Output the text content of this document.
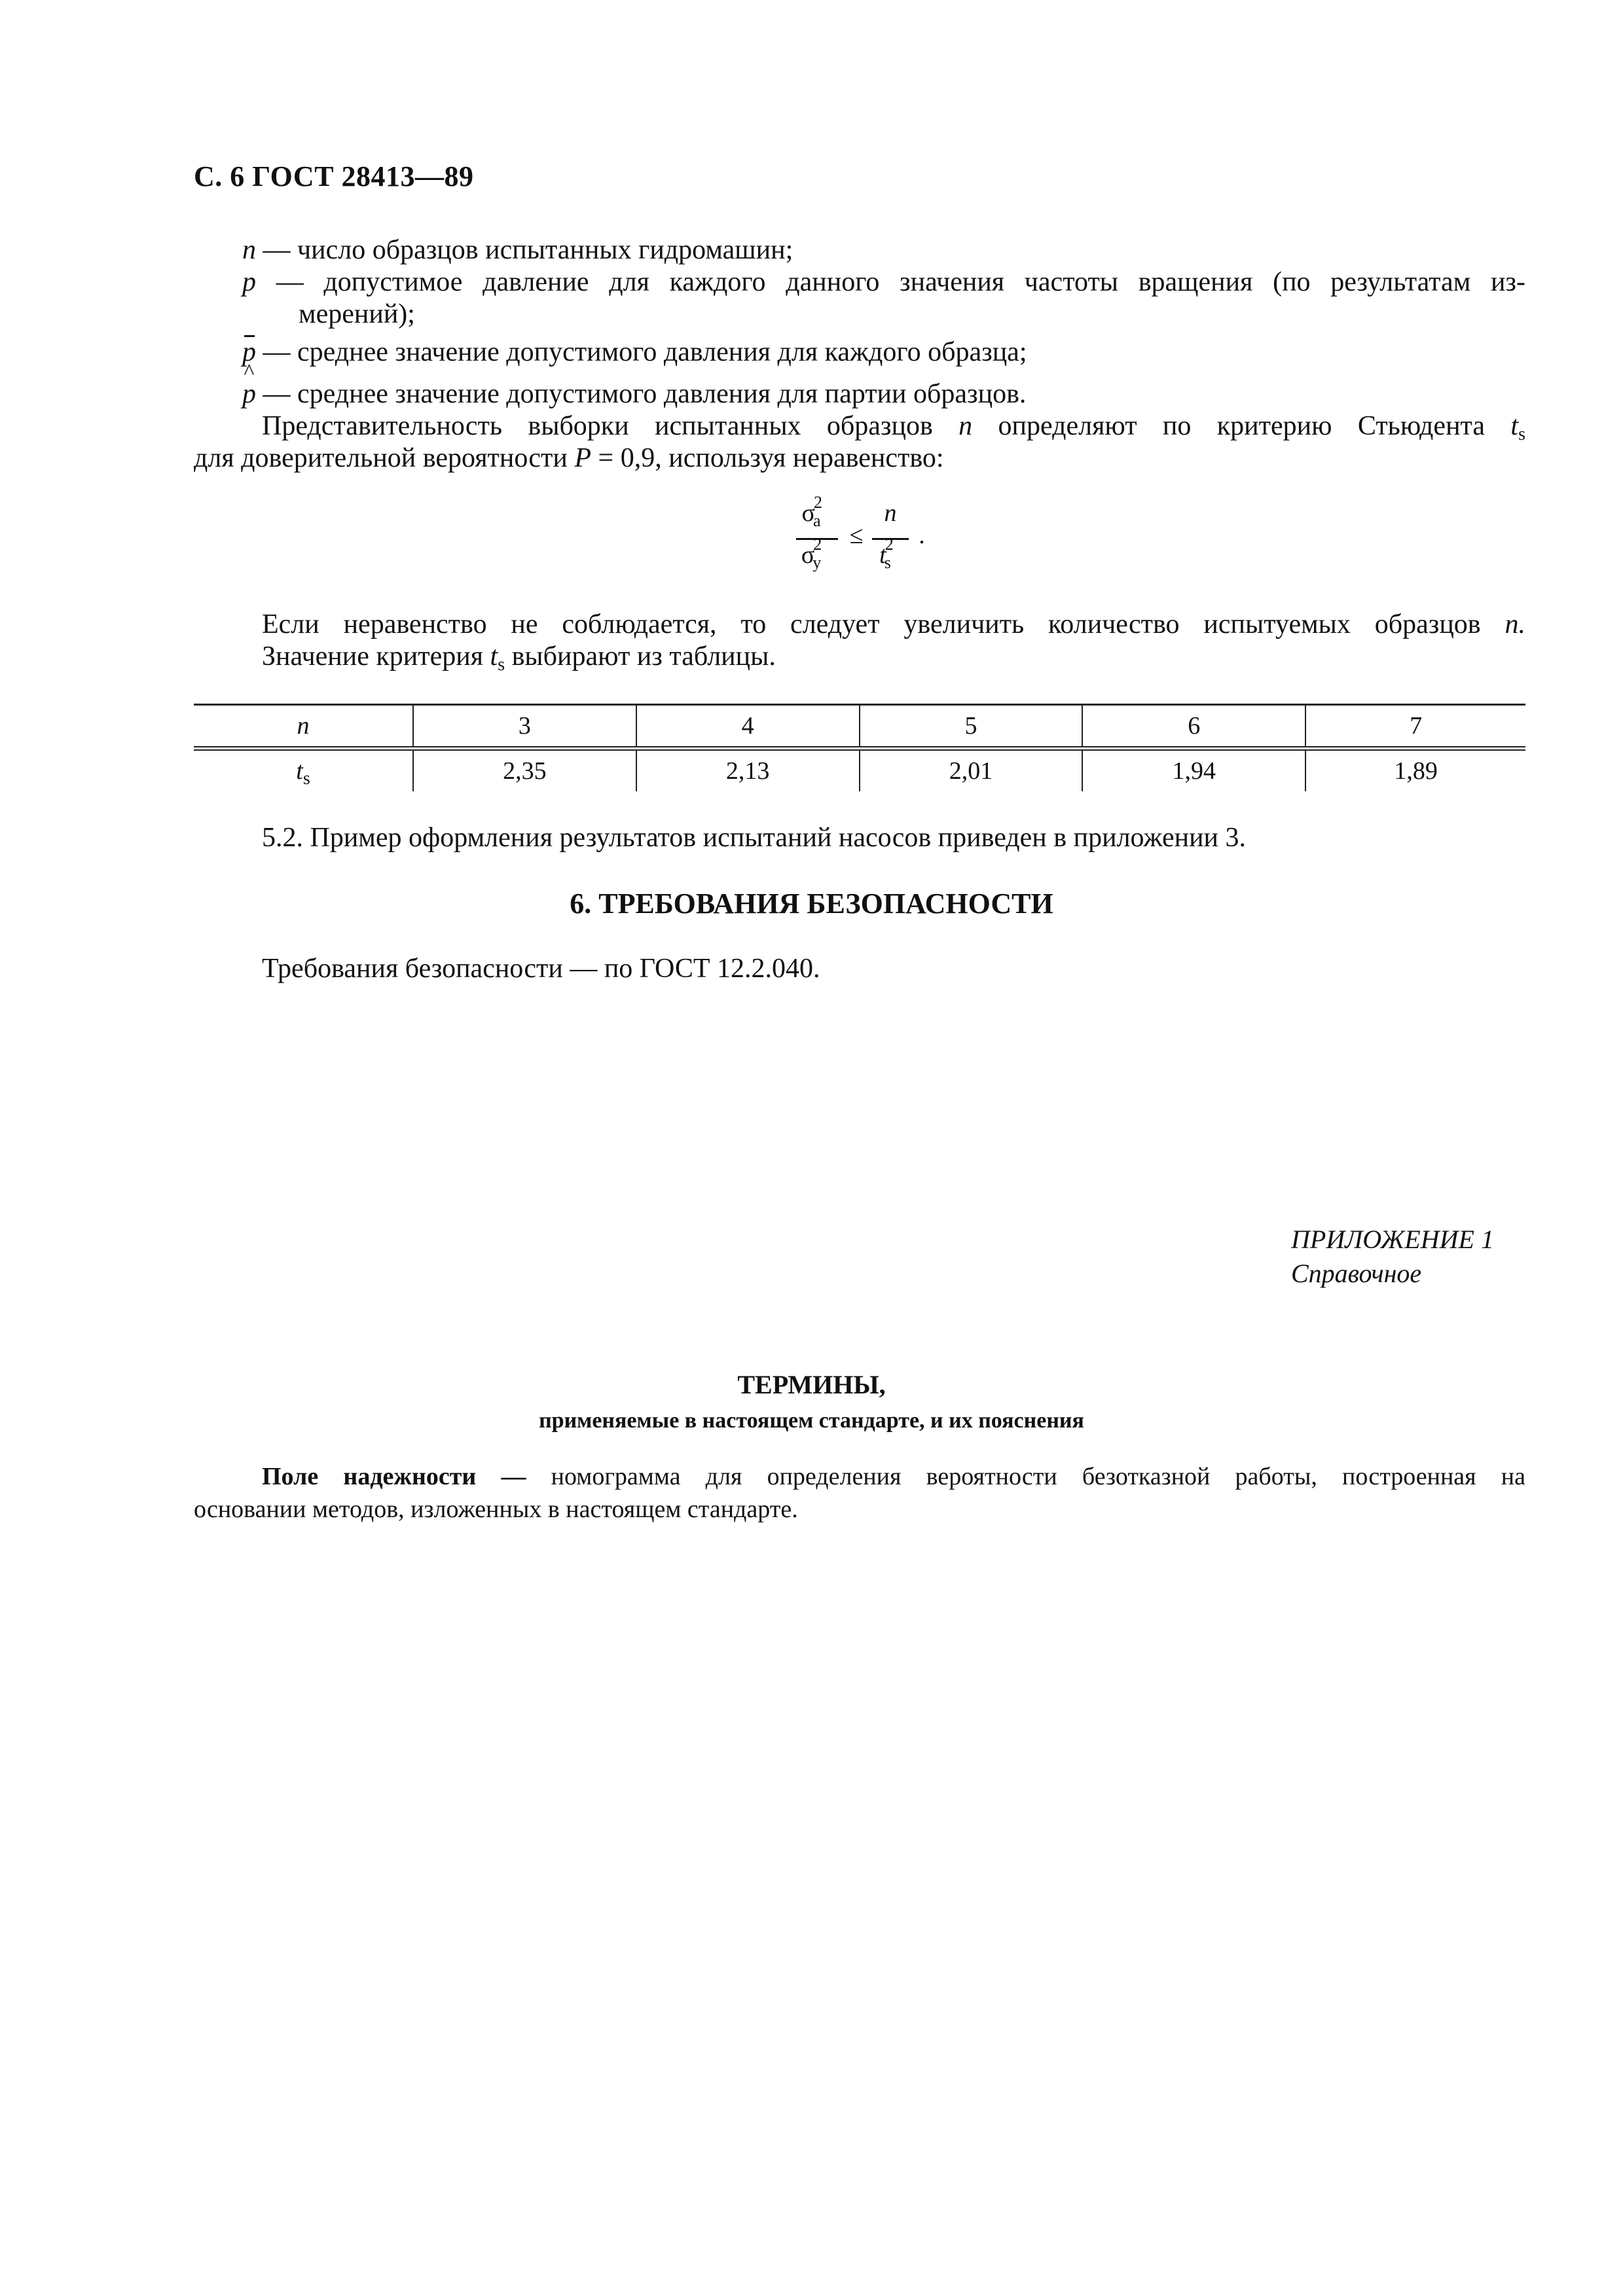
С. 6 ГОСТ 28413—89
n — число образцов испытанных гидромашин;
p — допустимое давление для каждого данного значения частоты вращения (по результатам из-
мерений);
p — среднее значение допустимого давления для каждого образца;
^
p — среднее значение допустимого давления для партии образцов.
Представительность выборки испытанных образцов n определяют по критерию Стьюдента $t_s$
для доверительной вероятности P = 0,9, используя неравенство:
$\sigma^2_a$
$\sigma^2_y$
≤
n
$t^2_s$
.
Если неравенство не соблюдается, то следует увеличить количество испытуемых образцов n.
Значение критерия $t_s$ выбирают из таблицы.
n	3	4	5	6	7
$t_s$	2,35	2,13	2,01	1,94	1,89
5.2. Пример оформления результатов испытаний насосов приведен в приложении 3.
6. ТРЕБОВАНИЯ БЕЗОПАСНОСТИ
Требования безопасности — по ГОСТ 12.2.040.
ПРИЛОЖЕНИЕ 1
Справочное
ТЕРМИНЫ,
применяемые в настоящем стандарте, и их пояснения
Поле надежности — номограмма для определения вероятности безотказной работы, построенная на
основании методов, изложенных в настоящем стандарте.
